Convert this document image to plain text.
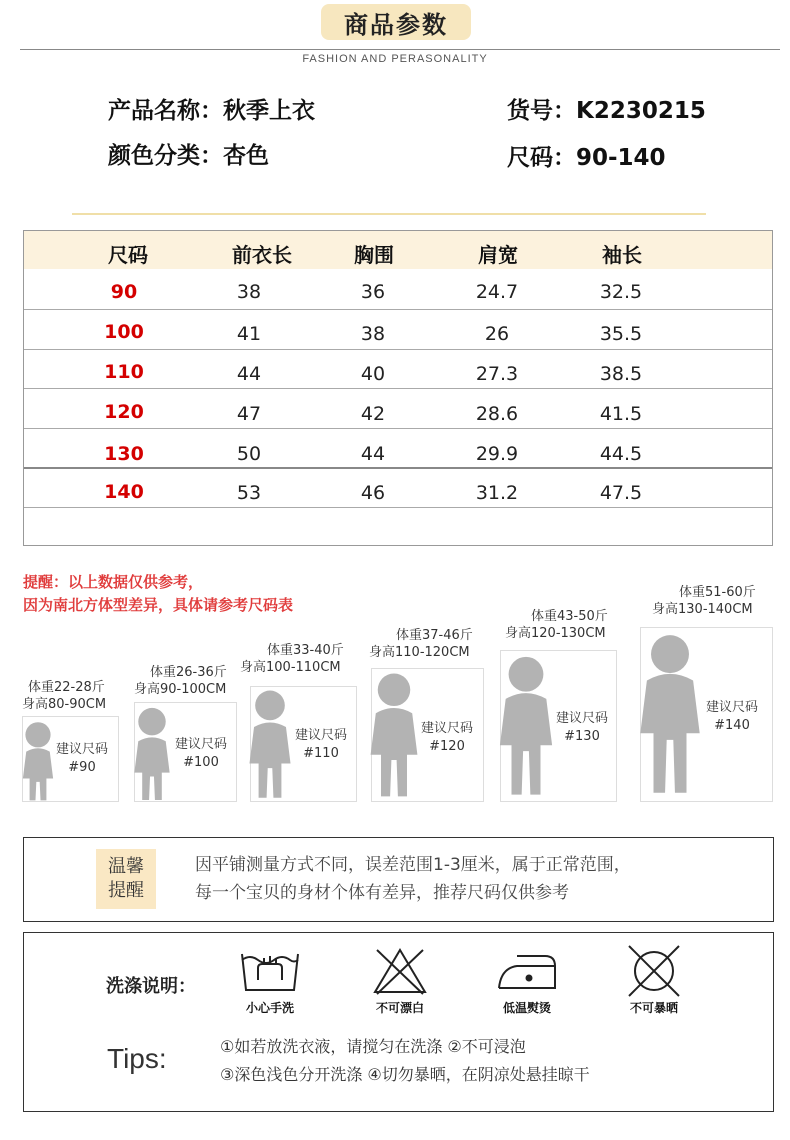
商品参数
FASHION AND PERASONALITY
产品名称：秋季上衣	货号：K2230215
颜色分类：杏色	尺码：90-140
尺码	前衣长	胸围	肩宽	袖长
90	38	36	24.7	32.5
100	41	38	26	35.5
110	44	40	27.3	38.5
120	47	42	28.6	41.5
130	50	44	29.9	44.5
140	53	46	31.2	47.5
提醒：以上数据仅供参考，
因为南北方体型差异，具体请参考尺码表
体重22-28斤
身高80-90CM
建议尺码
#90
体重26-36斤
身高90-100CM
建议尺码
#100
体重33-40斤
身高100-110CM
建议尺码
#110
体重37-46斤
身高110-120CM
建议尺码
#120
体重43-50斤
身高120-130CM
建议尺码
#130
体重51-60斤
身高130-140CM
建议尺码
#140
温馨
提醒
因平铺测量方式不同，误差范围1-3厘米，属于正常范围，
每一个宝贝的身材个体有差异，推荐尺码仅供参考
洗涤说明：
小心手洗	不可漂白	低温熨烫	不可暴晒
Tips:	①如若放洗衣液，请搅匀在洗涤 ②不可浸泡
③深色浅色分开洗涤 ④切勿暴晒，在阴凉处悬挂晾干
